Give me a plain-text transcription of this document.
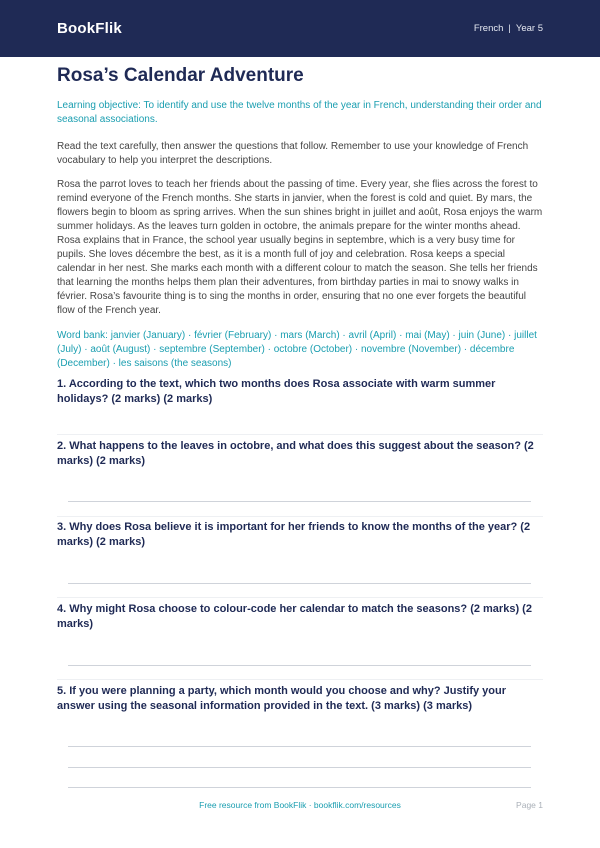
BookFlik	French | Year 5
Rosa’s Calendar Adventure
Learning objective: To identify and use the twelve months of the year in French, understanding their order and seasonal associations.
Read the text carefully, then answer the questions that follow. Remember to use your knowledge of French vocabulary to help you interpret the descriptions.
Rosa the parrot loves to teach her friends about the passing of time. Every year, she flies across the forest to remind everyone of the French months. She starts in janvier, when the forest is cold and quiet. By mars, the flowers begin to bloom as spring arrives. When the sun shines bright in juillet and août, Rosa enjoys the warm summer holidays. As the leaves turn golden in octobre, the animals prepare for the winter months ahead. Rosa explains that in France, the school year usually begins in septembre, which is a very busy time for pupils. She loves décembre the best, as it is a month full of joy and celebration. Rosa keeps a special calendar in her nest. She marks each month with a different colour to match the season. She tells her friends that learning the months helps them plan their adventures, from birthday parties in mai to snowy walks in février. Rosa’s favourite thing is to sing the months in order, ensuring that no one ever forgets the beautiful flow of the French year.
Word bank: janvier (January) · février (February) · mars (March) · avril (April) · mai (May) · juin (June) · juillet (July) · août (August) · septembre (September) · octobre (October) · novembre (November) · décembre (December) · les saisons (the seasons)
1. According to the text, which two months does Rosa associate with warm summer holidays? (2 marks) (2 marks)
2. What happens to the leaves in octobre, and what does this suggest about the season? (2 marks) (2 marks)
3. Why does Rosa believe it is important for her friends to know the months of the year? (2 marks) (2 marks)
4. Why might Rosa choose to colour-code her calendar to match the seasons? (2 marks) (2 marks)
5. If you were planning a party, which month would you choose and why? Justify your answer using the seasonal information provided in the text. (3 marks) (3 marks)
Free resource from BookFlik · bookflik.com/resources	Page 1
